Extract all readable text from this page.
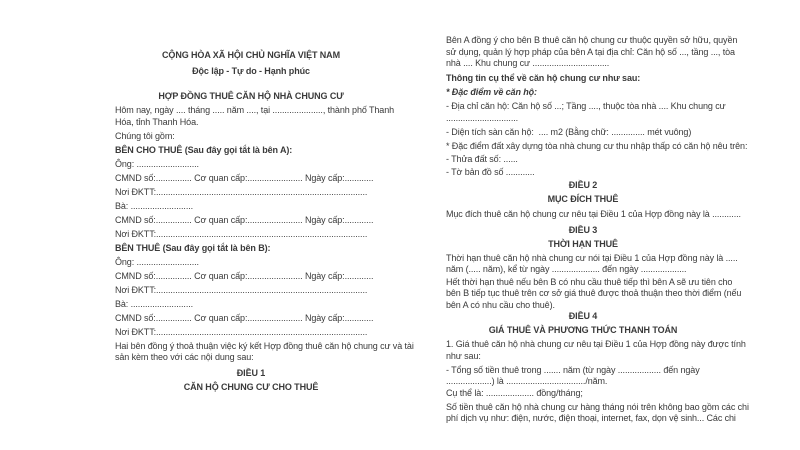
CỘNG HÒA XÃ HỘI CHỦ NGHĨA VIỆT NAM

Độc lập - Tự do - Hạnh phúc

HỢP ĐỒNG THUÊ CĂN HỘ NHÀ CHUNG CƯ

Hôm nay, ngày .... tháng ..... năm ...., tại ....................., thành phố Thanh
Hóa, tỉnh Thanh Hóa.

Chúng tôi gồm:

BÊN CHO THUÊ (Sau đây gọi tắt là bên A):

Ông: ..........................

CMND số:............... Cơ quan cấp:....................... Ngày cấp:............

Nơi ĐKTT:........................................................................................

Bà: ..........................

CMND số:............... Cơ quan cấp:....................... Ngày cấp:............

Nơi ĐKTT:........................................................................................

BÊN THUÊ (Sau đây gọi tắt là bên B):

Ông: ..........................

CMND số:............... Cơ quan cấp:....................... Ngày cấp:............

Nơi ĐKTT:........................................................................................

Bà: ..........................

CMND số:............... Cơ quan cấp:....................... Ngày cấp:............

Nơi ĐKTT:........................................................................................

Hai bên đồng ý thoả thuận việc ký kết Hợp đồng thuê căn hộ chung cư và tài
sản kèm theo với các nội dung sau:

ĐIỀU 1

CĂN HỘ CHUNG CƯ CHO THUÊ

Bên A đồng ý cho bên B thuê căn hộ chung cư thuộc quyền sở hữu, quyền
sử dụng, quản lý hợp pháp của bên A tại địa chỉ: Căn hộ số ..., tầng ..., tòa
nhà .... Khu chung cư ................................

Thông tin cụ thể về căn hộ chung cư như sau:

* Đặc điểm về căn hộ:

- Địa chỉ căn hộ: Căn hộ số ...; Tầng ...., thuộc tòa nhà .... Khu chung cư
..............................

- Diện tích sàn căn hộ:  .... m2 (Bằng chữ: .............. mét vuông)

* Đặc điểm đất xây dựng tòa nhà chung cư thu nhập thấp có căn hộ nêu trên:

- Thửa đất số: ......

- Tờ bản đồ số ............

ĐIỀU 2

MỤC ĐÍCH THUÊ

Mục đích thuê căn hộ chung cư nêu tại Điều 1 của Hợp đồng này là ............

ĐIỀU 3

THỜI HẠN THUÊ

Thời hạn thuê căn hộ nhà chung cư nói tại Điều 1 của Hợp đồng này là .....
năm (..... năm), kể từ ngày .................... đến ngày ...................

Hết thời hạn thuê nếu bên B có nhu cầu thuê tiếp thì bên A sẽ ưu tiên cho
bên B tiếp tục thuê trên cơ sở giá thuê được thoả thuận theo thời điểm (nếu
bên A có nhu cầu cho thuê).

ĐIỀU 4

GIÁ THUÊ VÀ PHƯƠNG THỨC THANH TOÁN

1. Giá thuê căn hộ nhà chung cư nêu tại Điều 1 của Hợp đồng này được tính
như sau:

- Tổng số tiền thuê trong ....... năm (từ ngày .................. đến ngày
...................) là ................................./năm.

Cụ thể là: .................... đồng/tháng;

Số tiền thuê căn hộ nhà chung cư hàng tháng nói trên không bao gồm các chi
phí dịch vụ như: điện, nước, điện thoại, internet, fax, dọn vệ sinh... Các chi
